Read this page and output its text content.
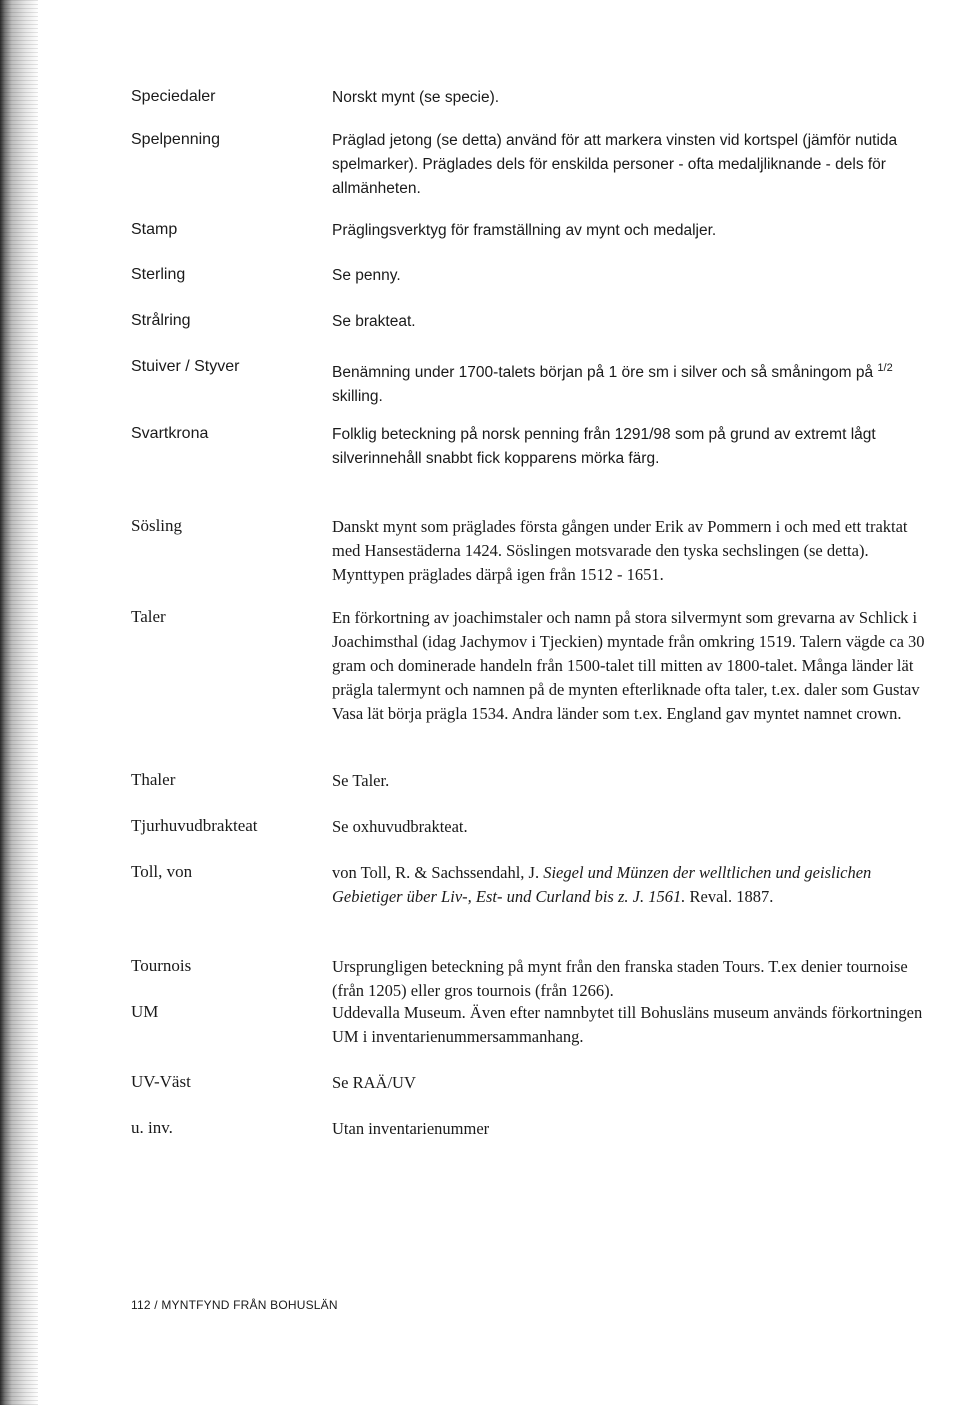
Speciedaler	Norskt mynt (se specie).
Spelpenning	Präglad jetong (se detta) använd för att markera vinsten vid kortspel (jämför nutida spelmarker). Präglades dels för enskilda personer - ofta medaljliknande - dels för allmänheten.
Stamp	Präglingsverktyg för framställning av mynt och medaljer.
Sterling	Se penny.
Strålring	Se brakteat.
Stuiver / Styver	Benämning under 1700-talets början på 1 öre sm i silver och så småningom på $^{1/2}$ skilling.
Svartkrona	Folklig beteckning på norsk penning från 1291/98 som på grund av extremt lågt silverinnehåll snabbt fick kopparens mörka färg.
Sösling	Danskt mynt som präglades första gången under Erik av Pommern i och med ett traktat med Hansestäderna 1424. Söslingen motsvarade den tyska sechslingen (se detta). Mynttypen präglades därpå igen från 1512 - 1651.
Taler	En förkortning av joachimstaler och namn på stora silvermynt som grevarna av Schlick i Joachimsthal (idag Jachymov i Tjeckien) myntade från omkring 1519. Talern vägde ca 30 gram och dominerade handeln från 1500-talet till mitten av 1800-talet. Många länder lät prägla talermynt och namnen på de mynten efterliknade ofta taler, t.ex. daler som Gustav Vasa lät börja prägla 1534. Andra länder som t.ex. England gav myntet namnet crown.
Thaler	Se Taler.
Tjurhuvudbrakteat	Se oxhuvudbrakteat.
Toll, von	von Toll, R. & Sachssendahl, J. Siegel und Münzen der welltlichen und geislichen Gebietiger über Liv-, Est- und Curland bis z. J. 1561. Reval. 1887.
Tournois	Ursprungligen beteckning på mynt från den franska staden Tours. T.ex denier tournoise (från 1205) eller gros tournois (från 1266).
UM	Uddevalla Museum. Även efter namnbytet till Bohusläns museum används förkortningen UM i inventarienummersammanhang.
UV-Väst	Se RAÄ/UV
u. inv.	Utan inventarienummer
112 / MYNTFYND FRÅN BOHUSLÄN
